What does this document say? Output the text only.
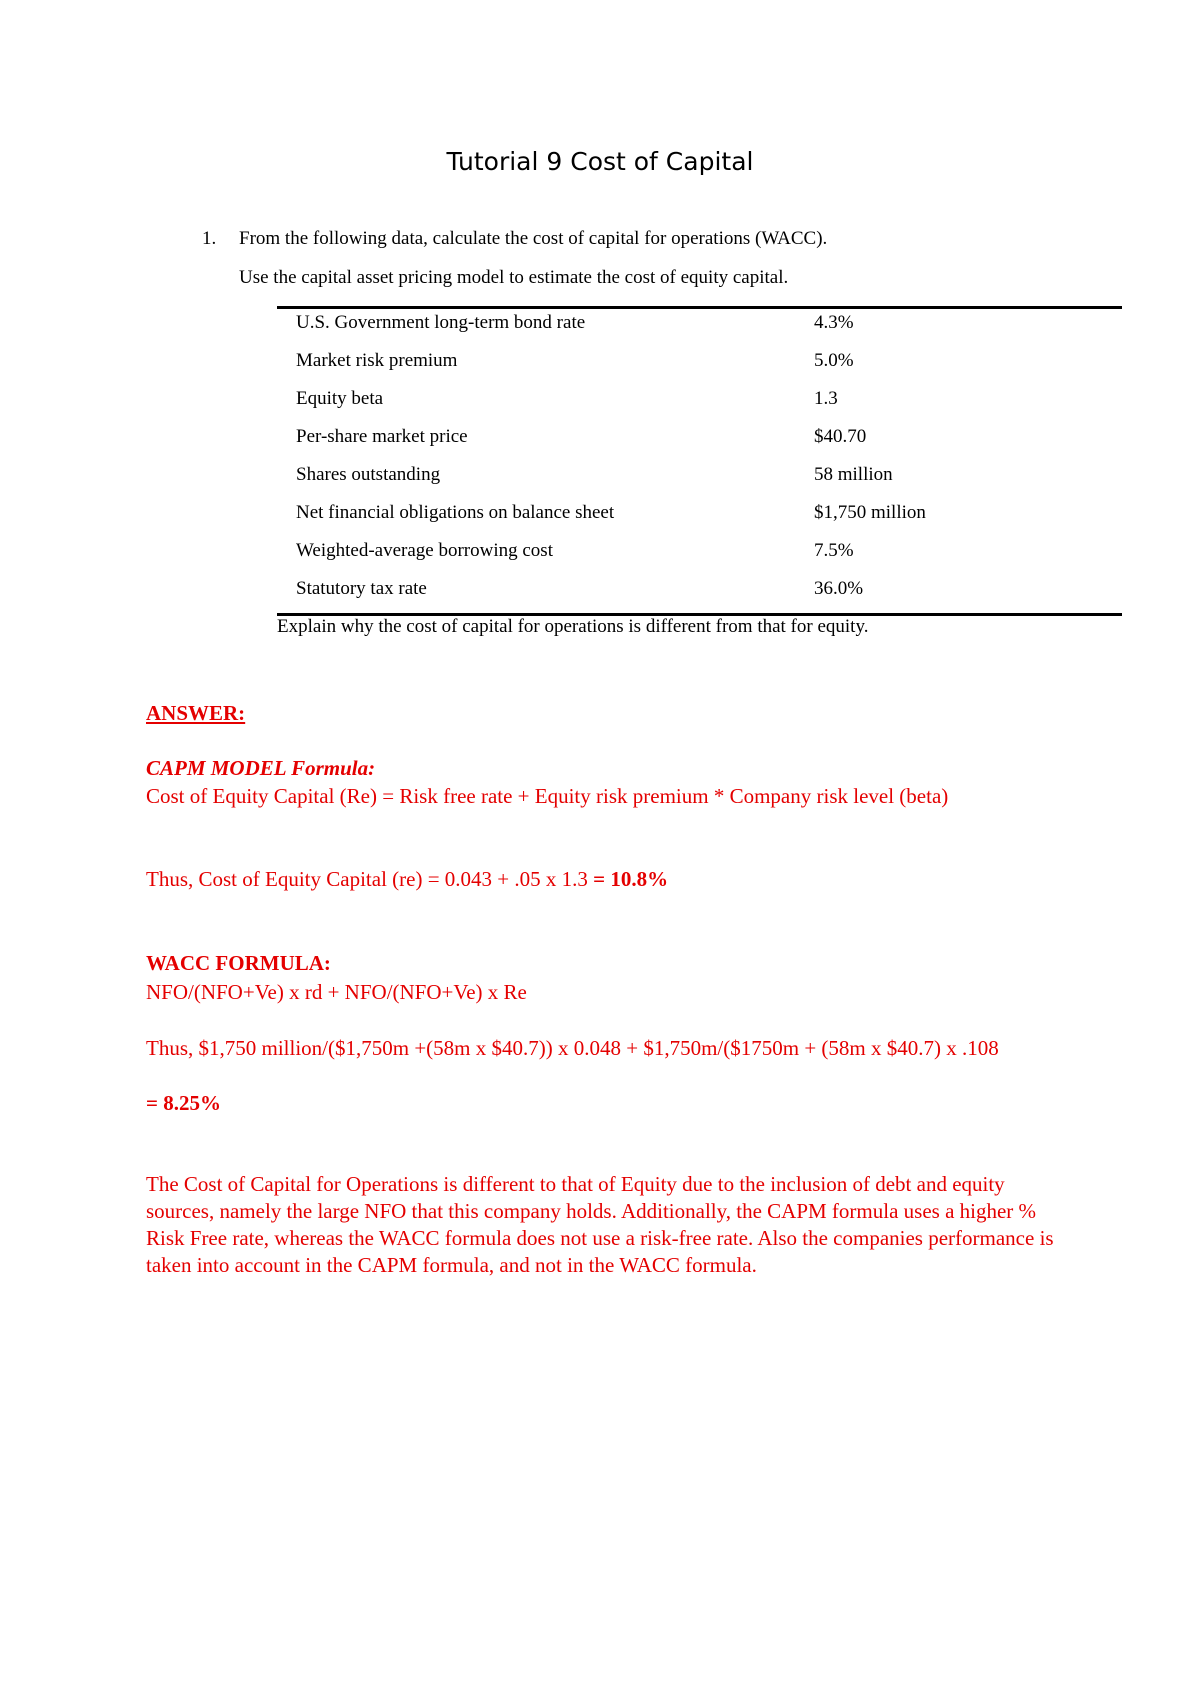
Tutorial 9 Cost of Capital
1. From the following data, calculate the cost of capital for operations (WACC).
Use the capital asset pricing model to estimate the cost of equity capital.
U.S. Government long-term bond rate	4.3%
Market risk premium	5.0%
Equity beta	1.3
Per-share market price	$40.70
Shares outstanding	58 million
Net financial obligations on balance sheet	$1,750 million
Weighted-average borrowing cost	7.5%
Statutory tax rate	36.0%
Explain why the cost of capital for operations is different from that for equity.
ANSWER:
CAPM MODEL Formula:
Cost of Equity Capital (Re) = Risk free rate + Equity risk premium * Company risk level (beta)
Thus, Cost of Equity Capital (re) = 0.043 + .05 x 1.3 = 10.8%
WACC FORMULA:
NFO/(NFO+Ve) x rd + NFO/(NFO+Ve) x Re
Thus, $1,750 million/($1,750m +(58m x $40.7)) x 0.048 + $1,750m/($1750m + (58m x $40.7) x .108
= 8.25%
The Cost of Capital for Operations is different to that of Equity due to the inclusion of debt and equity sources, namely the large NFO that this company holds. Additionally, the CAPM formula uses a higher % Risk Free rate, whereas the WACC formula does not use a risk-free rate. Also the companies performance is taken into account in the CAPM formula, and not in the WACC formula.
